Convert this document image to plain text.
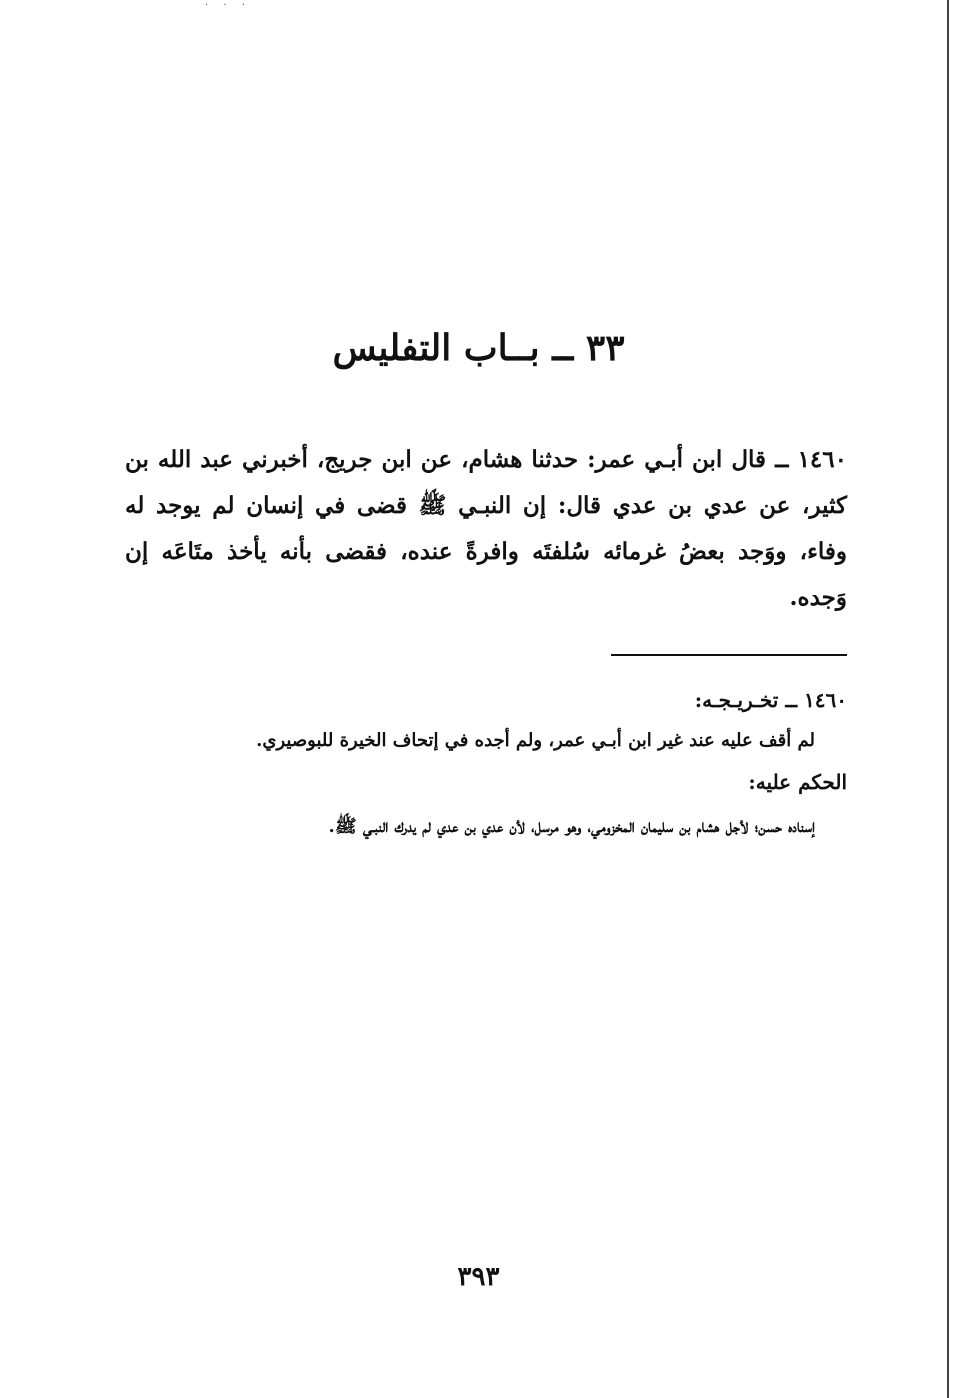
· · ·
٣٣ ــ بــاب التفليس

١٤٦٠ ــ قال ابن أبـي عمر: حدثنا هشام، عن ابن جريج، أخبرني عبد الله بن كثير، عن عدي بن عدي قال: إن النبـي ﷺ قضى في إنسان لم يوجد له وفاء، ووَجد بعضُ غرمائه سُلفتَه وافرةً عنده، فقضى بأنه يأخذ متَاعَه إن وَجده.

١٤٦٠ ــ تخـريـجـه:

لم أقف عليه عند غير ابن أبـي عمر، ولم أجده في إتحاف الخيرة للبوصيري.

الحكم عليه:

إسناده حسن؛ لأجل هشام بن سليمان المخزومي، وهو مرسل، لأن عدي بن عدي لم يدرك النبـي ﷺ.

٣٩٣
